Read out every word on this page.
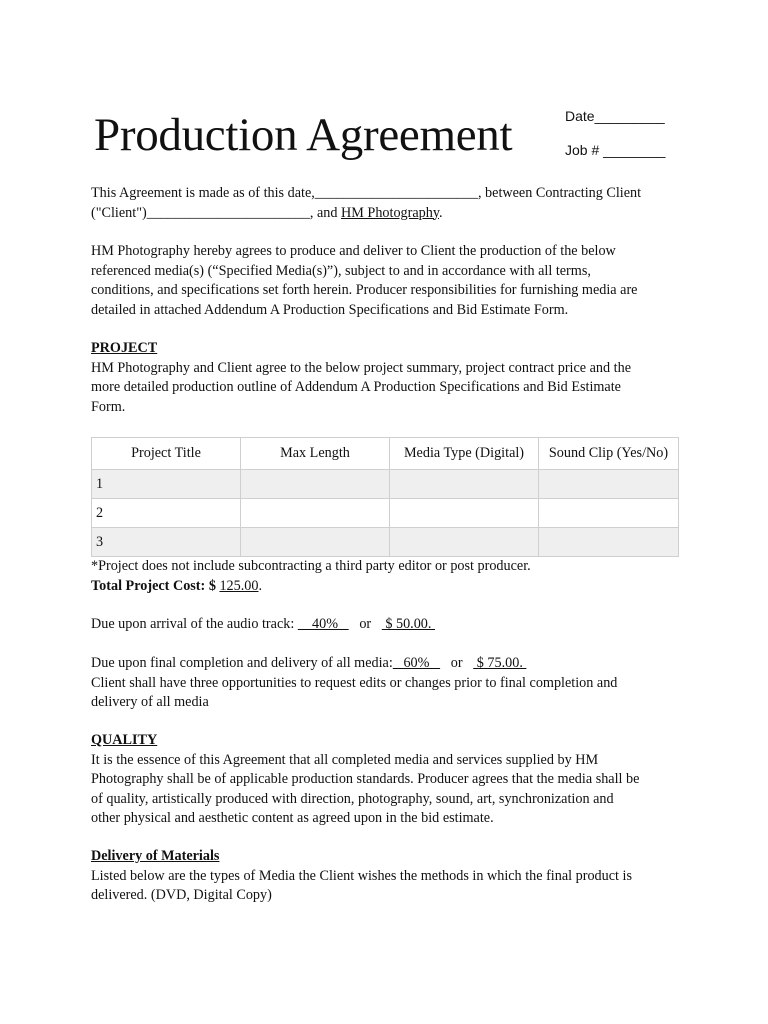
Production Agreement	Date_________
Job # ________
This Agreement is made as of this date,_______________________, between Contracting Client
("Client")_______________________, and HM Photography.
HM Photography hereby agrees to produce and deliver to Client the production of the below
referenced media(s) (“Specified Media(s)”), subject to and in accordance with all terms,
conditions, and specifications set forth herein. Producer responsibilities for furnishing media are
detailed in attached Addendum A Production Specifications and Bid Estimate Form.
PROJECT
HM Photography and Client agree to the below project summary, project contract price and the
more detailed production outline of Addendum A Production Specifications and Bid Estimate
Form.
Project Title	Max Length	Media Type (Digital)	Sound Clip (Yes/No)
1			
2			
3			
*Project does not include subcontracting a third party editor or post producer.
Total Project Cost: $ 125.00.
Due upon arrival of the audio track:     40%      or    $ 50.00.
Due upon final completion and delivery of all media:   60%      or    $ 75.00.
Client shall have three opportunities to request edits or changes prior to final completion and
delivery of all media
QUALITY
It is the essence of this Agreement that all completed media and services supplied by HM
Photography shall be of applicable production standards. Producer agrees that the media shall be
of quality, artistically produced with direction, photography, sound, art, synchronization and
other physical and aesthetic content as agreed upon in the bid estimate.
Delivery of Materials
Listed below are the types of Media the Client wishes the methods in which the final product is
delivered. (DVD, Digital Copy)
